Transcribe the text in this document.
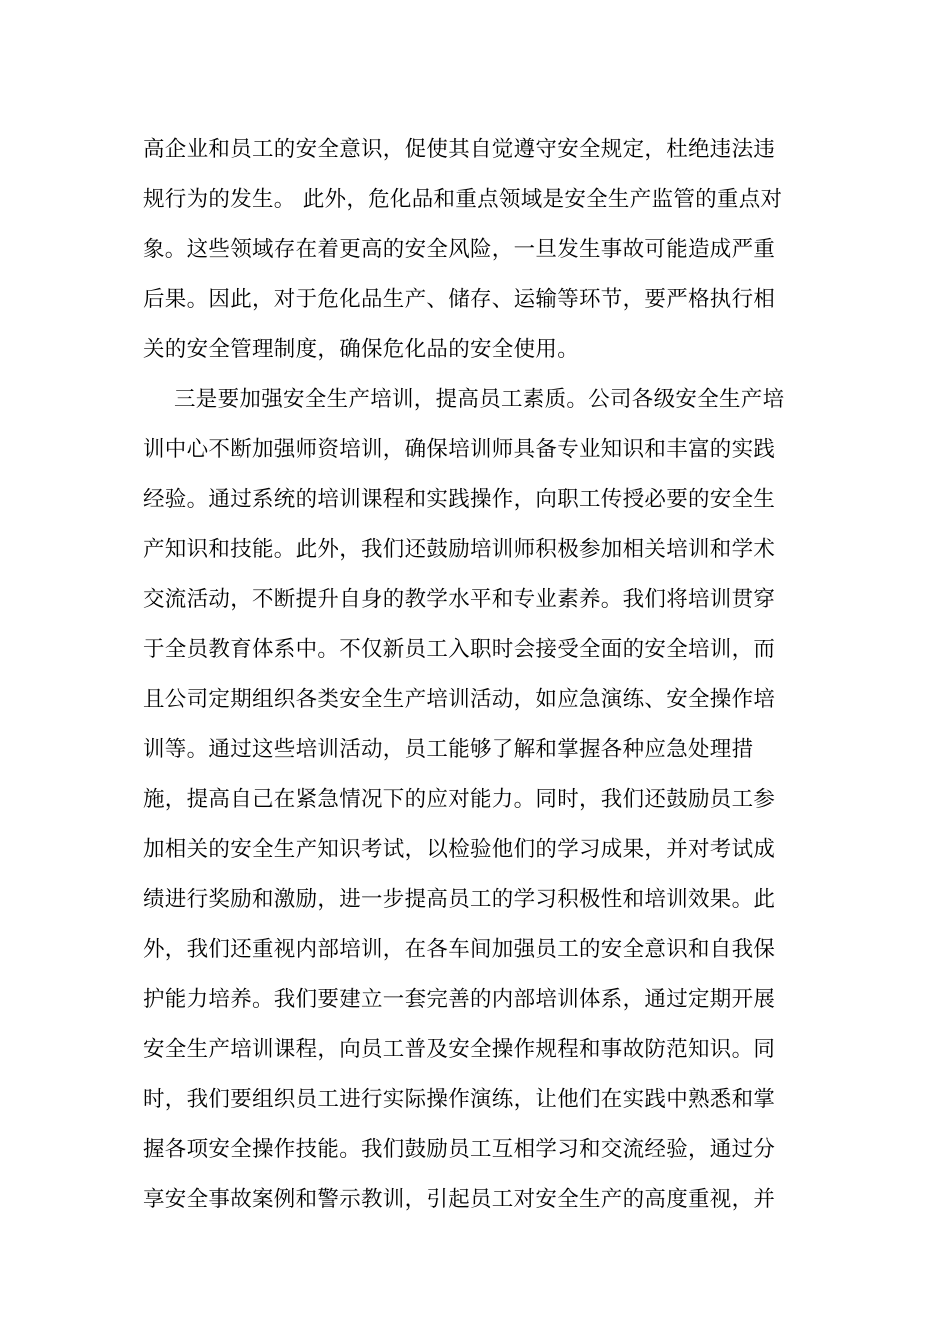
高企业和员工的安全意识，促使其自觉遵守安全规定，杜绝违法违
规行为的发生。 此外，危化品和重点领域是安全生产监管的重点对
象。这些领域存在着更高的安全风险，一旦发生事故可能造成严重
后果。因此，对于危化品生产、储存、运输等环节，要严格执行相
关的安全管理制度，确保危化品的安全使用。
三是要加强安全生产培训，提高员工素质。公司各级安全生产培
训中心不断加强师资培训，确保培训师具备专业知识和丰富的实践
经验。通过系统的培训课程和实践操作，向职工传授必要的安全生
产知识和技能。此外，我们还鼓励培训师积极参加相关培训和学术
交流活动，不断提升自身的教学水平和专业素养。我们将培训贯穿
于全员教育体系中。不仅新员工入职时会接受全面的安全培训，而
且公司定期组织各类安全生产培训活动，如应急演练、安全操作培
训等。通过这些培训活动，员工能够了解和掌握各种应急处理措
施，提高自己在紧急情况下的应对能力。同时，我们还鼓励员工参
加相关的安全生产知识考试，以检验他们的学习成果，并对考试成
绩进行奖励和激励，进一步提高员工的学习积极性和培训效果。此
外，我们还重视内部培训，在各车间加强员工的安全意识和自我保
护能力培养。我们要建立一套完善的内部培训体系，通过定期开展
安全生产培训课程，向员工普及安全操作规程和事故防范知识。同
时，我们要组织员工进行实际操作演练，让他们在实践中熟悉和掌
握各项安全操作技能。我们鼓励员工互相学习和交流经验，通过分
享安全事故案例和警示教训，引起员工对安全生产的高度重视，并
